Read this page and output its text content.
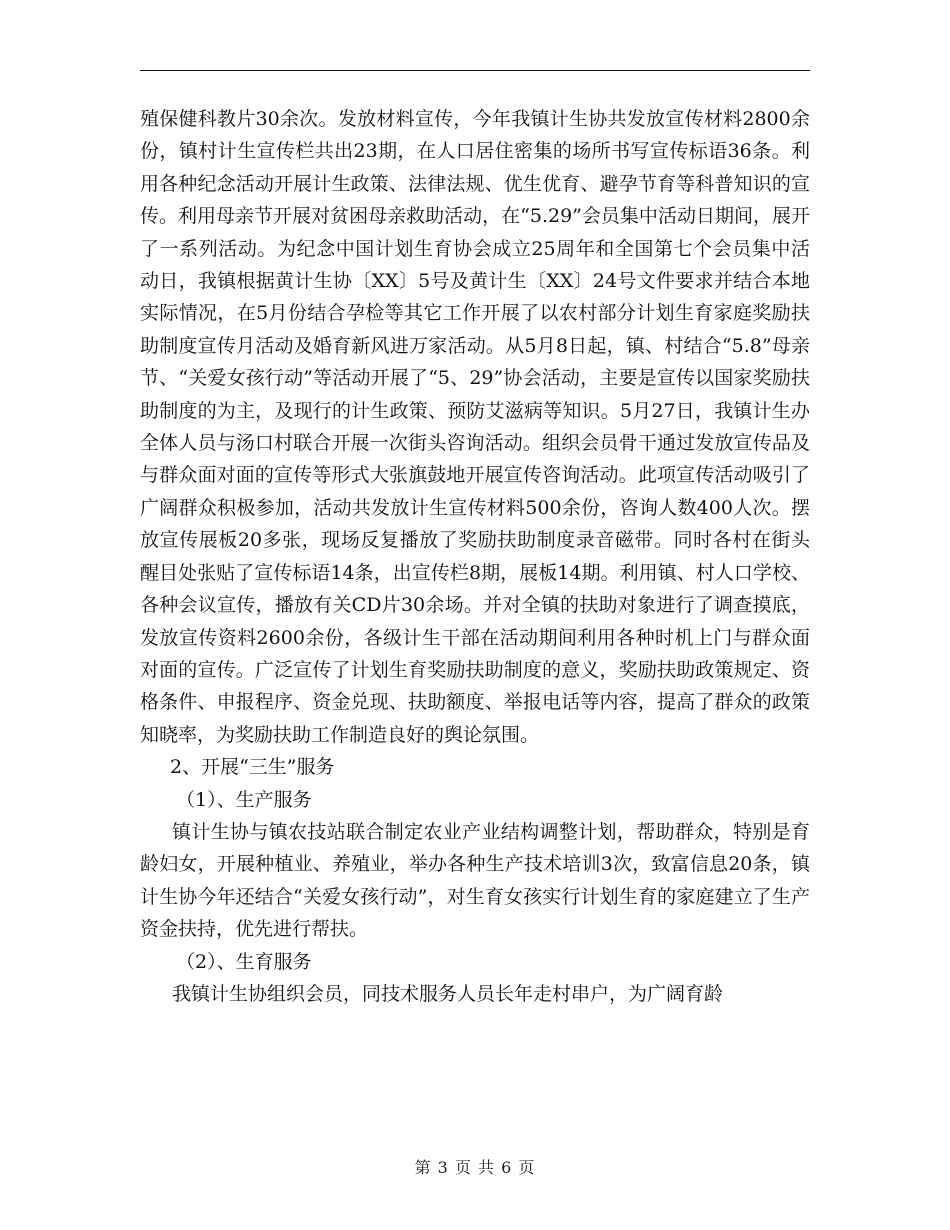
殖保健科教片30余次。发放材料宣传，今年我镇计生协共发放宣传材料2800余份，镇村计生宣传栏共出23期，在人口居住密集的场所书写宣传标语36条。利用各种纪念活动开展计生政策、法律法规、优生优育、避孕节育等科普知识的宣传。利用母亲节开展对贫困母亲救助活动，在“5.29”会员集中活动日期间，展开了一系列活动。为纪念中国计划生育协会成立25周年和全国第七个会员集中活动日，我镇根据黄计生协〔XX〕5号及黄计生〔XX〕24号文件要求并结合本地实际情况，在5月份结合孕检等其它工作开展了以农村部分计划生育家庭奖励扶助制度宣传月活动及婚育新风进万家活动。从5月8日起，镇、村结合“5.8”母亲节、“关爱女孩行动”等活动开展了“5、29”协会活动，主要是宣传以国家奖励扶助制度的为主，及现行的计生政策、预防艾滋病等知识。5月27日，我镇计生办全体人员与汤口村联合开展一次街头咨询活动。组织会员骨干通过发放宣传品及与群众面对面的宣传等形式大张旗鼓地开展宣传咨询活动。此项宣传活动吸引了广阔群众积极参加，活动共发放计生宣传材料500余份，咨询人数400人次。摆放宣传展板20多张，现场反复播放了奖励扶助制度录音磁带。同时各村在街头醒目处张贴了宣传标语14条，出宣传栏8期，展板14期。利用镇、村人口学校、各种会议宣传，播放有关CD片30余场。并对全镇的扶助对象进行了调查摸底，发放宣传资料2600余份，各级计生干部在活动期间利用各种时机上门与群众面对面的宣传。广泛宣传了计划生育奖励扶助制度的意义，奖励扶助政策规定、资格条件、申报程序、资金兑现、扶助额度、举报电话等内容，提高了群众的政策知晓率，为奖励扶助工作制造良好的舆论氛围。

2、开展“三生”服务

（1）、生产服务

镇计生协与镇农技站联合制定农业产业结构调整计划，帮助群众，特别是育龄妇女，开展种植业、养殖业，举办各种生产技术培训3次，致富信息20条，镇计生协今年还结合“关爱女孩行动”，对生育女孩实行计划生育的家庭建立了生产资金扶持，优先进行帮扶。

（2）、生育服务

我镇计生协组织会员，同技术服务人员长年走村串户，为广阔育龄

第 3 页 共 6 页
